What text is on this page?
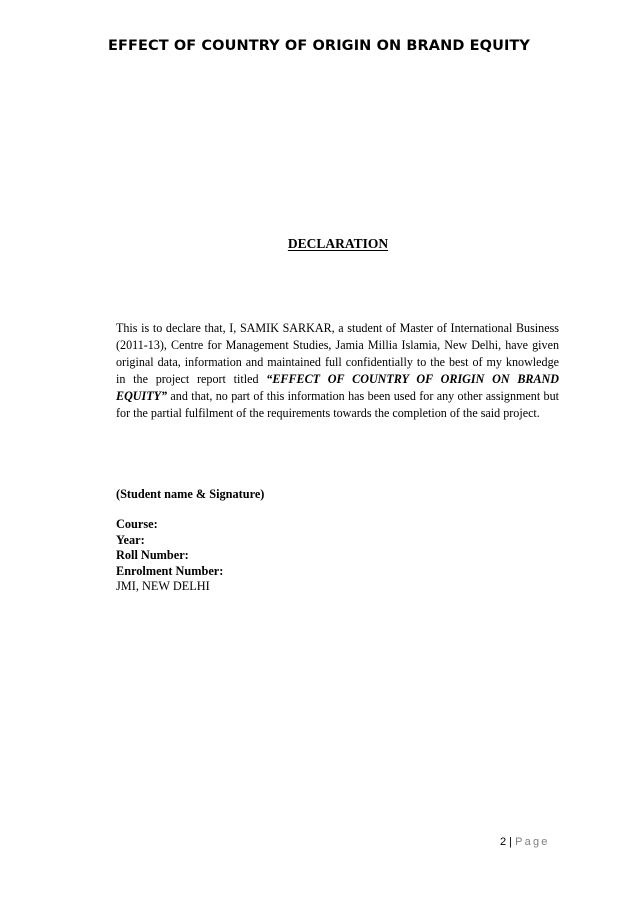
EFFECT OF COUNTRY OF ORIGIN ON BRAND EQUITY
DECLARATION

This is to declare that, I, SAMIK SARKAR, a student of Master of International Business (2011-13), Centre for Management Studies, Jamia Millia Islamia, New Delhi, have given original data, information and maintained full confidentially to the best of my knowledge in the project report titled “EFFECT OF COUNTRY OF ORIGIN ON BRAND EQUITY” and that, no part of this information has been used for any other assignment but for the partial fulfilment of the requirements towards the completion of the said project.

(Student name & Signature)
Course:
Year:
Roll Number:
Enrolment Number:
JMI, NEW DELHI
2 | Page
